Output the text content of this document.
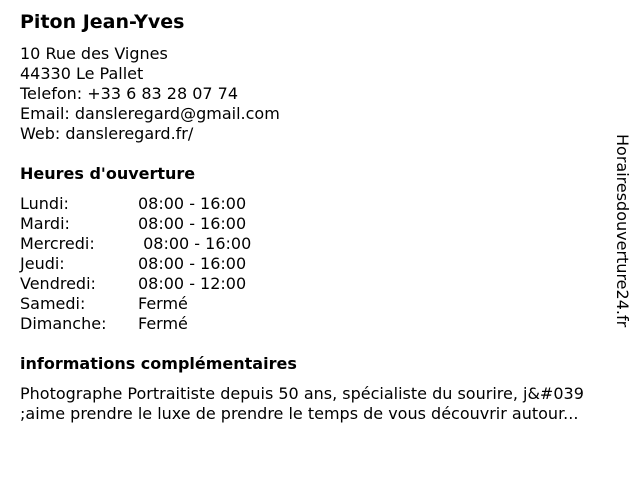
Piton Jean-Yves
10 Rue des Vignes
44330 Le Pallet
Telefon: +33 6 83 28 07 74
Email: dansleregard@gmail.com
Web: dansleregard.fr/
Heures d'ouverture
Lundi:	08:00 - 16:00
Mardi:	08:00 - 16:00
Mercredi:	08:00 - 16:00
Jeudi:	08:00 - 16:00
Vendredi:	08:00 - 12:00
Samedi:	Fermé
Dimanche:	Fermé
informations complémentaires
Photographe Portraitiste depuis 50 ans, spécialiste du sourire, j&#039
;aime prendre le luxe de prendre le temps de vous découvrir autour...
Horairesdouverture24.fr
